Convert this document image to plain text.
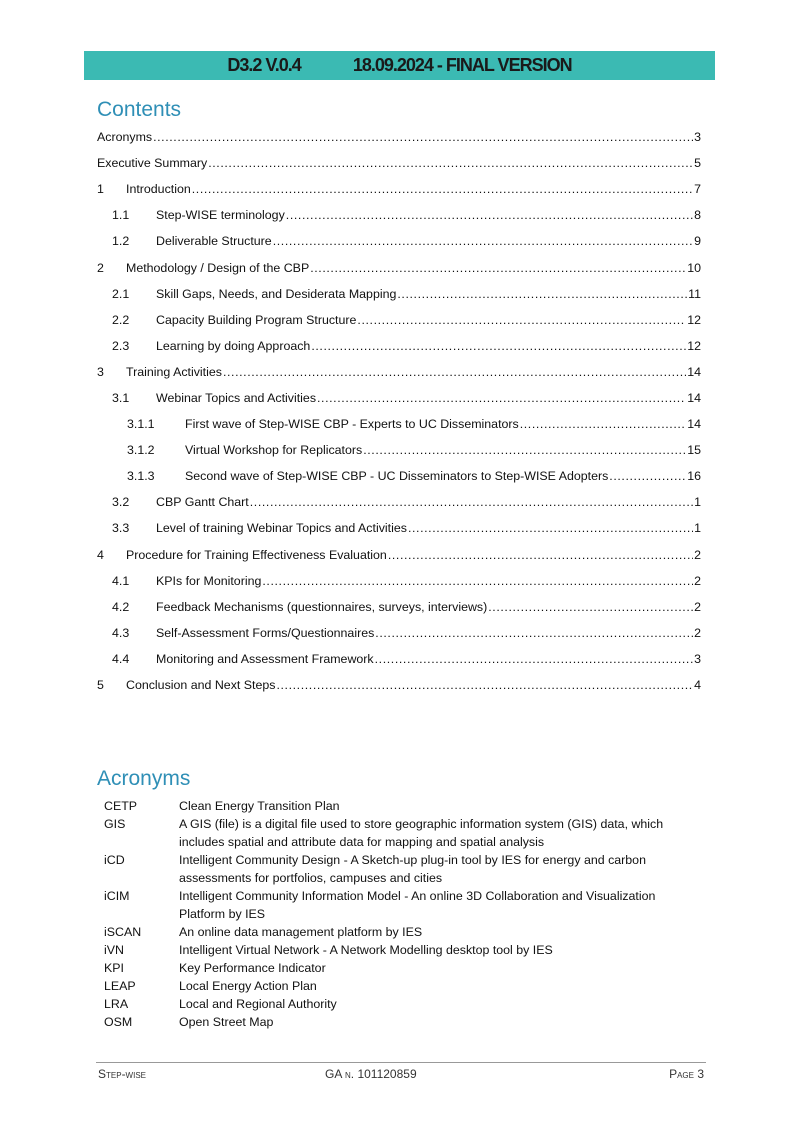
D3.2 V.0.4	18.09.2024 - FINAL VERSION
Contents
Acronyms .....	3
Executive Summary .....	5
1	Introduction .....	7
1.1	Step-WISE terminology .....	8
1.2	Deliverable Structure .....	9
2	Methodology / Design of the CBP .....	10
2.1	Skill Gaps, Needs, and Desiderata Mapping .....	11
2.2	Capacity Building Program Structure .....	12
2.3	Learning by doing Approach .....	12
3	Training Activities .....	14
3.1	Webinar Topics and Activities .....	14
3.1.1	First wave of Step-WISE CBP - Experts to UC Disseminators .....	14
3.1.2	Virtual Workshop for Replicators .....	15
3.1.3	Second wave of Step-WISE CBP - UC Disseminators to Step-WISE Adopters .....	16
3.2	CBP Gantt Chart .....	1
3.3	Level of training Webinar Topics and Activities .....	1
4	Procedure for Training Effectiveness Evaluation .....	2
4.1	KPIs for Monitoring .....	2
4.2	Feedback Mechanisms (questionnaires, surveys, interviews) .....	2
4.3	Self-Assessment Forms/Questionnaires .....	2
4.4	Monitoring and Assessment Framework .....	3
5	Conclusion and Next Steps .....	4
Acronyms
CETP	Clean Energy Transition Plan
GIS	A GIS (file) is a digital file used to store geographic information system (GIS) data, which includes spatial and attribute data for mapping and spatial analysis
iCD	Intelligent Community Design - A Sketch-up plug-in tool by IES for energy and carbon assessments for portfolios, campuses and cities
iCIM	Intelligent Community Information Model - An online 3D Collaboration and Visualization Platform by IES
iSCAN	An online data management platform by IES
iVN	Intelligent Virtual Network - A Network Modelling desktop tool by IES
KPI	Key Performance Indicator
LEAP	Local Energy Action Plan
LRA	Local and Regional Authority
OSM	Open Street Map
Step-wise	GA n. 101120859	Page 3
